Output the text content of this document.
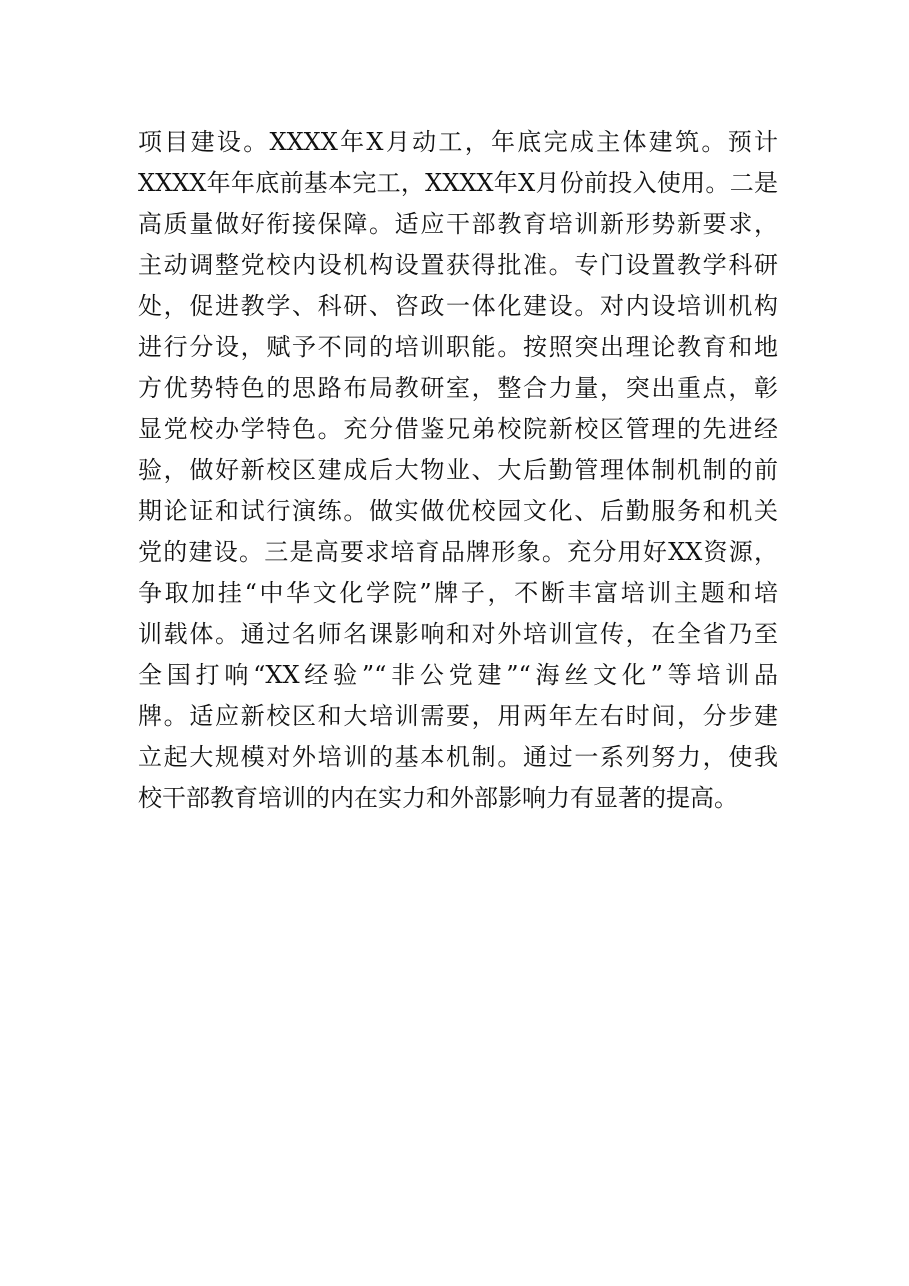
项目建设。XXXX年X月动工，年底完成主体建筑。预计
XXXX年年底前基本完工，XXXX年X月份前投入使用。二是
高质量做好衔接保障。适应干部教育培训新形势新要求，
主动调整党校内设机构设置获得批准。专门设置教学科研
处，促进教学、科研、咨政一体化建设。对内设培训机构
进行分设，赋予不同的培训职能。按照突出理论教育和地
方优势特色的思路布局教研室，整合力量，突出重点，彰
显党校办学特色。充分借鉴兄弟校院新校区管理的先进经
验，做好新校区建成后大物业、大后勤管理体制机制的前
期论证和试行演练。做实做优校园文化、后勤服务和机关
党的建设。三是高要求培育品牌形象。充分用好XX资源，
争取加挂“中华文化学院”牌子，不断丰富培训主题和培
训载体。通过名师名课影响和对外培训宣传，在全省乃至
全国打响“XX经验”“非公党建”“海丝文化”等培训品
牌。适应新校区和大培训需要，用两年左右时间，分步建
立起大规模对外培训的基本机制。通过一系列努力，使我
校干部教育培训的内在实力和外部影响力有显著的提高。
